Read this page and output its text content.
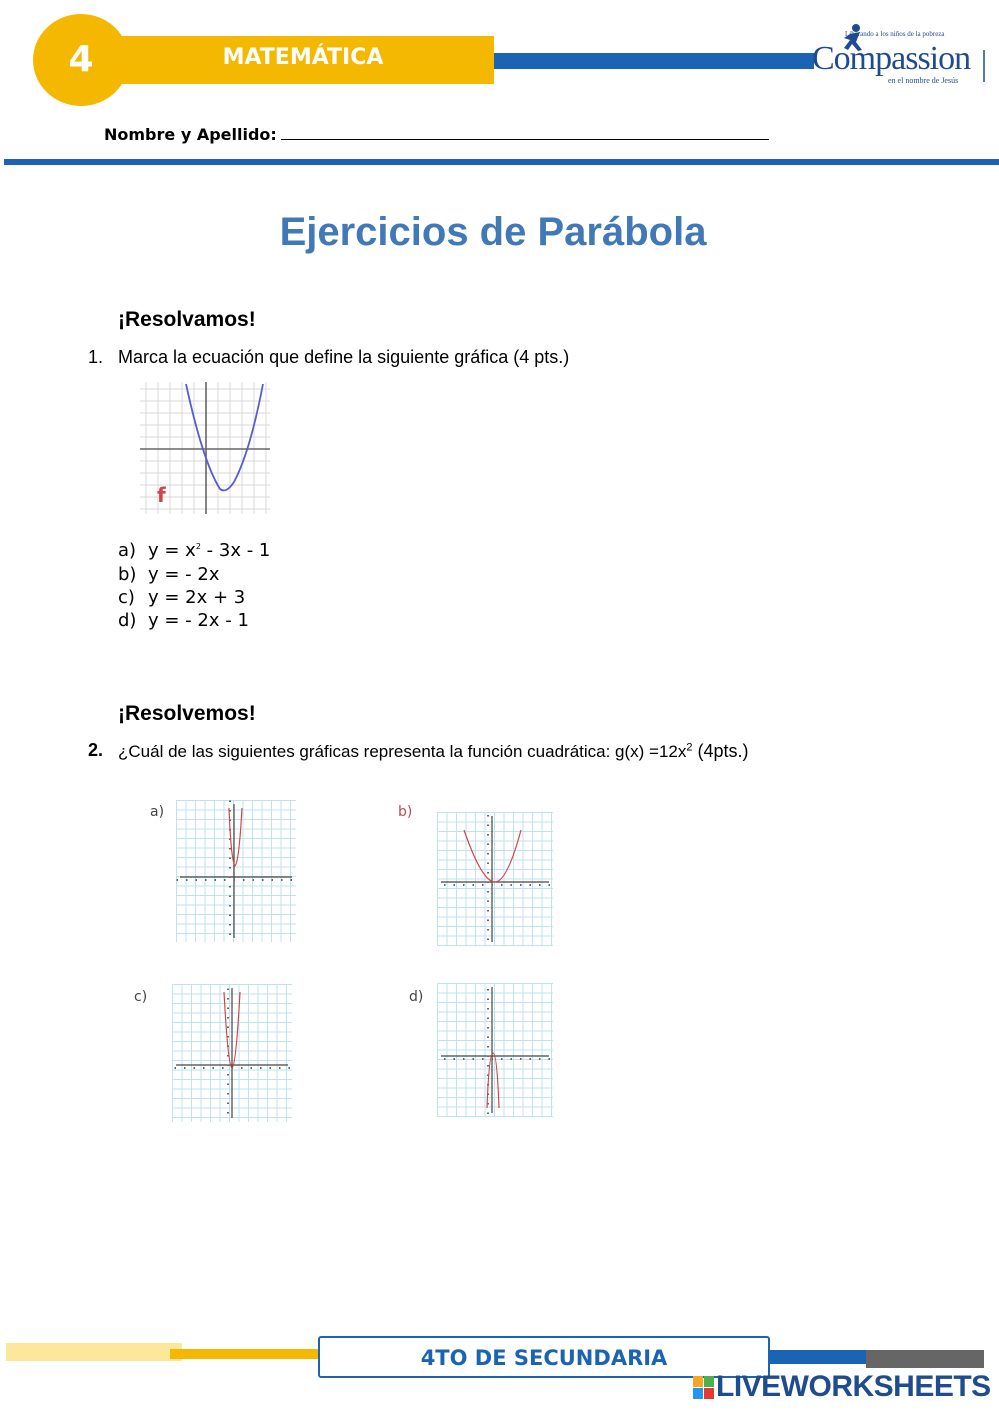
4	MATEMÁTICA
Liberando a los niños de la pobreza
Compassion
en el nombre de Jesús
Nombre y Apellido:
Ejercicios de Parábola
¡Resolvamos!
1. Marca la ecuación que define la siguiente gráfica (4 pts.)
f
a) $y = x^2 - 3x - 1$
b) y = - 2x
c) y = 2x + 3
d) y = - 2x - 1
¡Resolvemos!
2. ¿Cuál de las siguientes gráficas representa la función cuadrática: $g(x) =12x^2$ (4pts.)
a)	b)
c)	d)
4TO DE SECUNDARIA
LIVEWORKSHEETS
